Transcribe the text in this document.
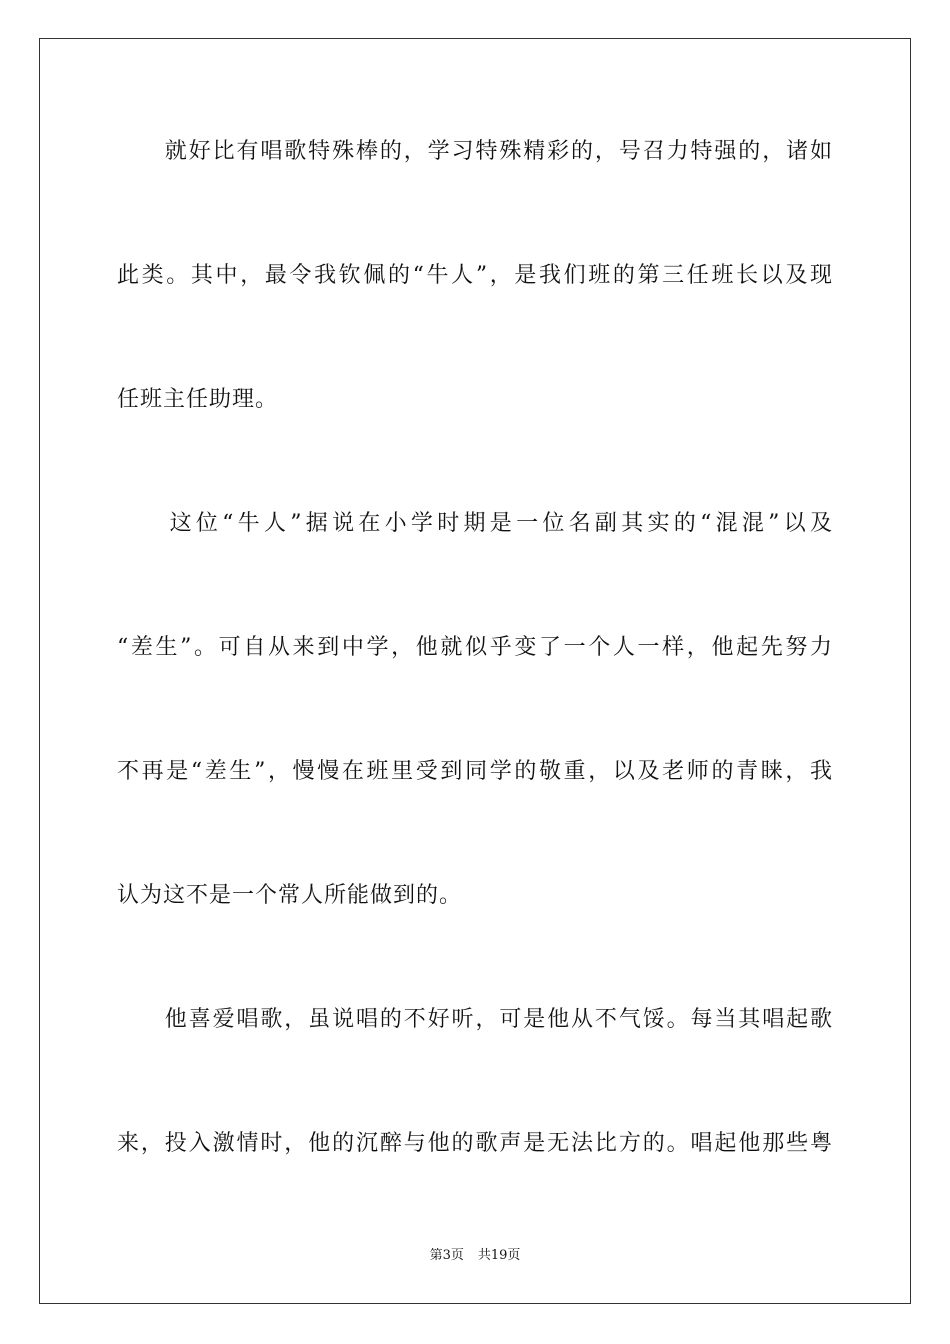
　　就好比有唱歌特殊棒的，学习特殊精彩的，号召力特强的，诸如
此类。其中，最令我钦佩的“牛人”，是我们班的第三任班长以及现
任班主任助理。
　　这位“牛人”据说在小学时期是一位名副其实的“混混”以及
“差生”。可自从来到中学，他就似乎变了一个人一样，他起先努力
不再是“差生”，慢慢在班里受到同学的敬重，以及老师的青睐，我
认为这不是一个常人所能做到的。
　　他喜爱唱歌，虽说唱的不好听，可是他从不气馁。每当其唱起歌
来，投入激情时，他的沉醉与他的歌声是无法比方的。唱起他那些粤
第3页 共19页
